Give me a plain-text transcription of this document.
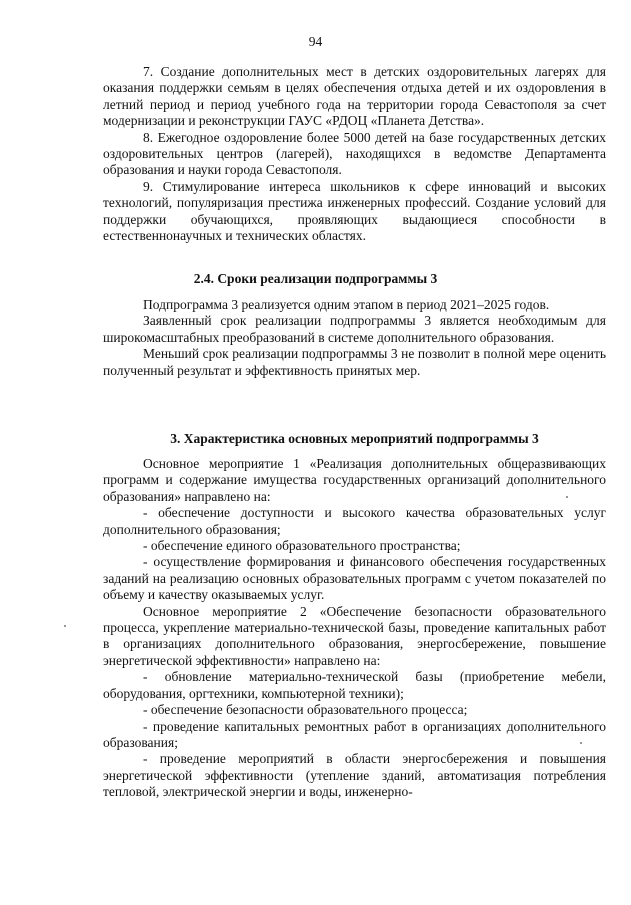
94

7. Создание дополнительных мест в детских оздоровительных лагерях для оказания поддержки семьям в целях обеспечения отдыха детей и их оздоровления в летний период и период учебного года на территории города Севастополя за счет модернизации и реконструкции ГАУС «РДОЦ «Планета Детства».

8. Ежегодное оздоровление более 5000 детей на базе государственных детских оздоровительных центров (лагерей), находящихся в ведомстве Департамента образования и науки города Севастополя.

9. Стимулирование интереса школьников к сфере инноваций и высоких технологий, популяризация престижа инженерных профессий. Создание условий для поддержки обучающихся, проявляющих выдающиеся способности в естественнонаучных и технических областях.

2.4. Сроки реализации подпрограммы 3

Подпрограмма 3 реализуется одним этапом в период 2021–2025 годов.

Заявленный срок реализации подпрограммы 3 является необходимым для широкомасштабных преобразований в системе дополнительного образования.

Меньший срок реализации подпрограммы 3 не позволит в полной мере оценить полученный результат и эффективность принятых мер.

3. Характеристика основных мероприятий подпрограммы 3

Основное мероприятие 1 «Реализация дополнительных общеразвивающих программ и содержание имущества государственных организаций дополнительного образования» направлено на:

- обеспечение доступности и высокого качества образовательных услуг дополнительного образования;

- обеспечение единого образовательного пространства;

- осуществление формирования и финансового обеспечения государственных заданий на реализацию основных образовательных программ с учетом показателей по объему и качеству оказываемых услуг.

Основное мероприятие 2 «Обеспечение безопасности образовательного процесса, укрепление материально-технической базы, проведение капитальных работ в организациях дополнительного образования, энергосбережение, повышение энергетической эффективности» направлено на:

- обновление материально-технической базы (приобретение мебели, оборудования, оргтехники, компьютерной техники);

- обеспечение безопасности образовательного процесса;

- проведение капитальных ремонтных работ в организациях дополнительного образования;

- проведение мероприятий в области энергосбережения и повышения энергетической эффективности (утепление зданий, автоматизация потребления тепловой, электрической энергии и воды, инженерно-
